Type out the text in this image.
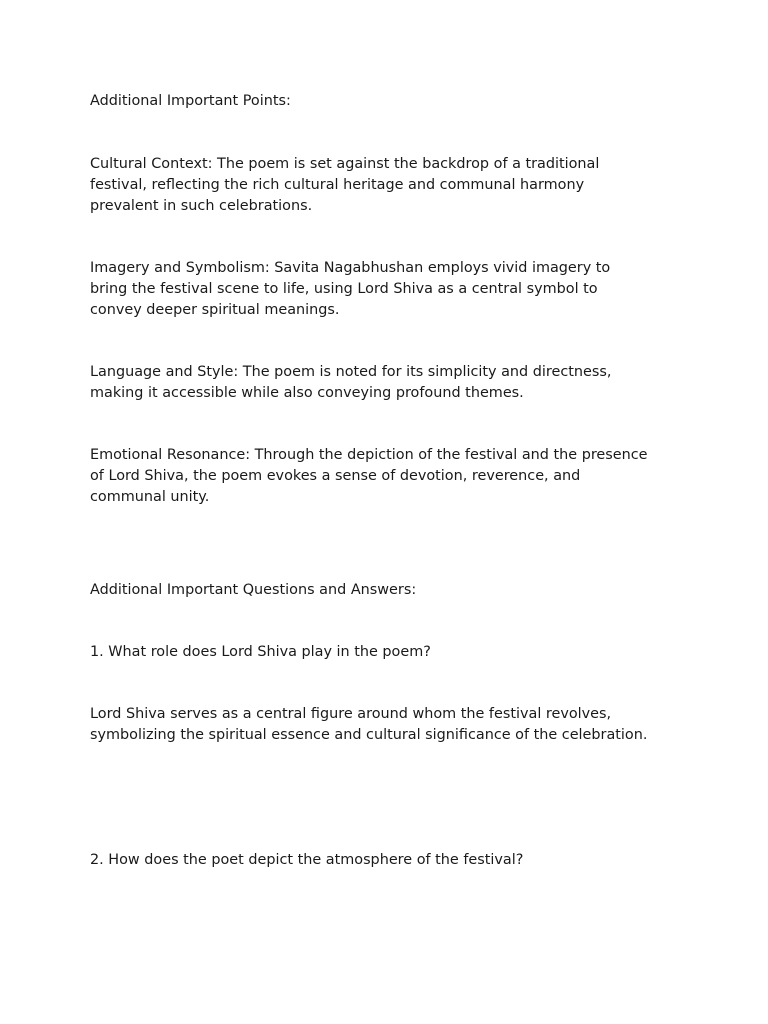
Additional Important Points:

Cultural Context: The poem is set against the backdrop of a traditional
festival, reflecting the rich cultural heritage and communal harmony
prevalent in such celebrations.

Imagery and Symbolism: Savita Nagabhushan employs vivid imagery to
bring the festival scene to life, using Lord Shiva as a central symbol to
convey deeper spiritual meanings.

Language and Style: The poem is noted for its simplicity and directness,
making it accessible while also conveying profound themes.

Emotional Resonance: Through the depiction of the festival and the presence
of Lord Shiva, the poem evokes a sense of devotion, reverence, and
communal unity.

Additional Important Questions and Answers:

1. What role does Lord Shiva play in the poem?

Lord Shiva serves as a central figure around whom the festival revolves,
symbolizing the spiritual essence and cultural significance of the celebration.

2. How does the poet depict the atmosphere of the festival?
